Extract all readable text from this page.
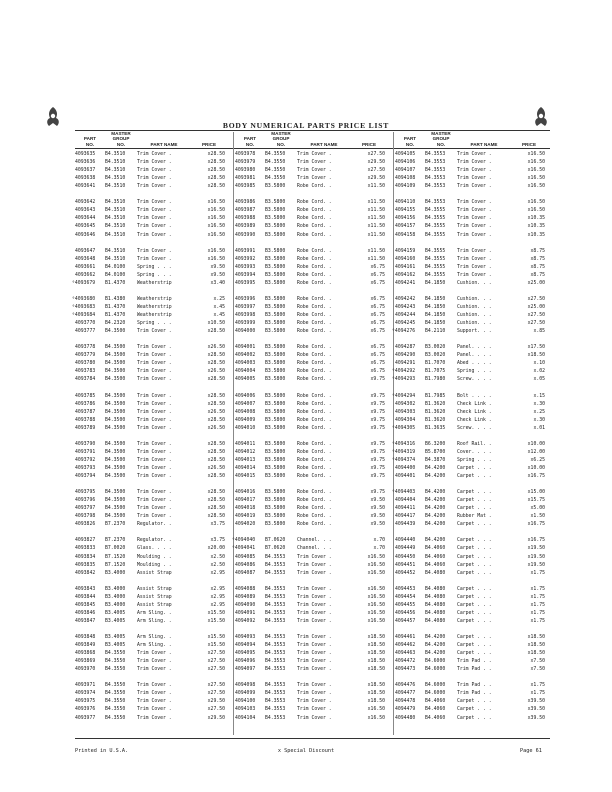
BODY NUMERICAL PARTS PRICE LIST
PART
NO.
MASTER
GROUP
NO.	PART NAME	PRICE
PART
NO.
MASTER
GROUP
NO.	PART NAME	PRICE
PART
NO.
MASTER
GROUP
NO.	PART NAME	PRICE
4093635 B4.3510 Trim Cover .	x28.50
4093636 B4.3510 Trim Cover .	x28.50
4093637 B4.3510 Trim Cover .	x28.50
4093638 B4.3510 Trim Cover .	x28.50
4093641 B4.3510 Trim Cover .	x28.50
4093642 B4.3510 Trim Cover .	x16.50
4093643 B4.3510 Trim Cover .	x16.50
4093644 B4.3510 Trim Cover .	x16.50
4093645 B4.3510 Trim Cover .	x16.50
4093646 B4.3510 Trim Cover .	x16.50
4093647 B4.3510 Trim Cover .	x16.50
4093648 B4.3510 Trim Cover .	x16.50
4093661 B4.0100 Spring . . .	x9.50
4093662 B4.0100 Spring . . .	x9.50
⁰4093679 B1.4370 Weatherstrip	x3.40
⁰4093680 B1.4380 Weatherstrip	x.25
⁰4093683 B1.4370 Weatherstrip	x.45
⁰4093684 B1.4370 Weatherstrip	x.45
4093770 B4.2320 Spring . . .	x10.50
4093777 B4.3500 Trim Cover .	x28.50
4093778 B4.3500 Trim Cover .	x26.50
4093779 B4.3500 Trim Cover .	x28.50
4093780 B4.3500 Trim Cover .	x28.50
4093783 B4.3500 Trim Cover .	x26.50
4093784 B4.3500 Trim Cover .	x28.50
4093785 B4.3500 Trim Cover .	x28.50
4093786 B4.3500 Trim Cover .	x28.50
4093787 B4.3500 Trim Cover .	x26.50
4093788 B4.3500 Trim Cover .	x28.50
4093789 B4.3500 Trim Cover .	x26.50
4093790 B4.3500 Trim Cover .	x28.50
4093791 B4.3500 Trim Cover .	x28.50
4093792 B4.3500 Trim Cover .	x28.50
4093793 B4.3500 Trim Cover .	x26.50
4093794 B4.3500 Trim Cover .	x28.50
4093795 B4.3500 Trim Cover .	x28.50
4093796 B4.3500 Trim Cover .	x28.50
4093797 B4.3500 Trim Cover .	x28.50
4093798 B4.3500 Trim Cover .	x28.50
4093826 B7.2370 Regulator. .	x3.75
4093827 B7.2370 Regulator. .	x3.75
4093833 B7.0020 Glass. . . .	x20.00
4093834 B7.1520 Moulding . .	x2.50
4093835 B7.1520 Moulding . .	x2.50
4093842 B3.4000 Assist Strap	x2.95
4093843 B3.4000 Assist Strap	x2.95
4093844 B3.4000 Assist Strap	x2.95
4093845 B3.4000 Assist Strap	x2.95
4093846 B3.4005 Arm Sling. .	x15.50
4093847 B3.4005 Arm Sling. .	x15.50
4093848 B3.4005 Arm Sling. .	x15.50
4093849 B3.4005 Arm Sling. .	x15.50
4093868 B4.3550 Trim Cover .	x27.50
4093869 B4.3550 Trim Cover .	x27.50
4093970 B4.3550 Trim Cover .	x27.50
4093971 B4.3550 Trim Cover .	x27.50
4093974 B4.3550 Trim Cover .	x27.50
4093975 B4.3550 Trim Cover .	x29.50
4093976 B4.3550 Trim Cover .	x27.50
4093977 B4.3550 Trim Cover .	x29.50
4093978 B4.3550 Trim Cover .	x27.50
4093979 B4.3550 Trim Cover .	x29.50
4093980 B4.3550 Trim Cover .	x27.50
4093981 B4.3550 Trim Cover .	x29.50
4093985 B3.5800 Robe Cord. .	x11.50
4093986 B3.5800 Robe Cord. .	x11.50
4093987 B3.5800 Robe Cord. .	x11.50
4093988 B3.5800 Robe Cord. .	x11.50
4093989 B3.5800 Robe Cord. .	x11.50
4093990 B3.5800 Robe Cord. .	x11.50
4093991 B3.5800 Robe Cord. .	x11.50
4093992 B3.5800 Robe Cord. .	x11.50
4093993 B3.5800 Robe Cord. .	x6.75
4093994 B3.5800 Robe Cord. .	x6.75
4093995 B3.5800 Robe Cord. .	x6.75
4093996 B3.5800 Robe Cord. .	x6.75
4093997 B3.5800 Robe Cord. .	x6.75
4093998 B3.5800 Robe Cord. .	x6.75
4093999 B3.5800 Robe Cord. .	x6.75
4094000 B3.5800 Robe Cord. .	x6.75
4094001 B3.5800 Robe Cord. .	x6.75
4094002 B3.5800 Robe Cord. .	x6.75
4094003 B3.5800 Robe Cord. .	x6.75
4094004 B3.5800 Robe Cord. .	x6.75
4094005 B3.5800 Robe Cord. .	x9.75
4094006 B3.5800 Robe Cord. .	x9.75
4094007 B3.5800 Robe Cord. .	x9.75
4094008 B3.5800 Robe Cord. .	x9.75
4094009 B3.5800 Robe Cord. .	x9.75
4094010 B3.5800 Robe Cord. .	x9.75
4094011 B3.5800 Robe Cord. .	x9.75
4094012 B3.5800 Robe Cord. .	x9.75
4094013 B3.5800 Robe Cord. .	x9.75
4094014 B3.5800 Robe Cord. .	x9.75
4094015 B3.5800 Robe Cord. .	x9.75
4094016 B3.5800 Robe Cord. .	x9.75
4094017 B3.5800 Robe Cord. .	x9.50
4094018 B3.5800 Robe Cord. .	x9.50
4094019 B3.5800 Robe Cord. .	x9.50
4094020 B3.5800 Robe Cord. .	x9.50
⁰4094040 B7.0620 Channel. . .	x.70
⁰4094041 B7.0620 Channel. . .	x.70
4094085 B4.3553 Trim Cover .	x16.50
4094086 B4.3553 Trim Cover .	x16.50
4094087 B4.3553 Trim Cover .	x16.50
4094088 B4.3553 Trim Cover .	x16.50
4094089 B4.3553 Trim Cover .	x16.50
4094090 B4.3553 Trim Cover .	x16.50
4094091 B4.3553 Trim Cover .	x16.50
4094092 B4.3553 Trim Cover .	x16.50
4094093 B4.3553 Trim Cover .	x18.50
4094094 B4.3553 Trim Cover .	x18.50
4094095 B4.3553 Trim Cover .	x18.50
4094096 B4.3553 Trim Cover .	x18.50
4094097 B4.3553 Trim Cover .	x18.50
4094098 B4.3553 Trim Cover .	x18.50
4094099 B4.3553 Trim Cover .	x18.50
4094100 B4.3553 Trim Cover .	x18.50
4094103 B4.3553 Trim Cover .	x16.50
4094104 B4.3553 Trim Cover .	x16.50
4094105 B4.3553 Trim Cover .	x16.50
4094106 B4.3553 Trim Cover .	x16.50
4094107 B4.3553 Trim Cover .	x16.50
4094108 B4.3553 Trim Cover .	x16.50
4094109 B4.3553 Trim Cover .	x16.50
4094110 B4.3553 Trim Cover .	x16.50
4094155 B4.3555 Trim Cover .	x16.50
4094156 B4.3555 Trim Cover .	x10.35
4094157 B4.3555 Trim Cover .	x10.35
4094158 B4.3555 Trim Cover .	x10.35
4094159 B4.3555 Trim Cover .	x8.75
4094160 B4.3555 Trim Cover .	x8.75
4094161 B4.3555 Trim Cover .	x8.75
4094162 B4.3555 Trim Cover .	x8.75
4094241 B4.1850 Cushion. . .	x25.00
4094242 B4.1850 Cushion. . .	x27.50
4094243 B4.1850 Cushion. . .	x25.00
4094244 B4.1850 Cushion. . .	x27.50
4094245 B4.1850 Cushion. . .	x27.50
⁰4094276 B4.2110 Support. . .	x.85
4094287 B3.0020 Panel. . . .	x17.50
4094290 B3.0020 Panel. . . .	x18.50
4094291 B1.7070 Abed . . . .	x.10
⁰4094292 B1.7075 Spring . . .	x.02
⁰4094293 B1.7980 Screw. . . .	x.05
⁰4094294 B1.7985 Bolt . . . .	x.15
4094302 B1.3620 Check Link .	x.30
4094303 B1.3620 Check Link .	x.25
4094304 B1.3620 Check Link .	x.30
⁰4094305 B1.3635 Screw. . . .	x.01
⁰4094316 B6.3200 Roof Rail. .	x10.00
⁰4094319 B5.8700 Cover. . . .	x12.00
⁰4094374 B4.3870 Spring . . .	x6.25
4094400 B4.4200 Carpet . . .	x10.00
4094401 B4.4200 Carpet . . .	x16.75
⁰4094403 B4.4200 Carpet . . .	x15.00
4094404 B4.4200 Carpet . . .	x15.75
4094411 B4.4200 Carpet . . .	x5.00
4094417 B4.4200 Rubber Mat .	x1.50
4094439 B4.4200 Carpet . . .	x16.75
4094440 B4.4200 Carpet . . .	x16.75
4094449 B4.4060 Carpet . . .	x19.50
4094450 B4.4060 Carpet . . .	x19.50
4094451 B4.4060 Carpet . . .	x19.50
4094452 B4.4080 Carpet . . .	x1.75
4094453 B4.4080 Carpet . . .	x1.75
4094454 B4.4080 Carpet . . .	x1.75
4094455 B4.4080 Carpet . . .	x1.75
4094456 B4.4080 Carpet . . .	x1.75
4094457 B4.4080 Carpet . . .	x1.75
4094461 B4.4200 Carpet . . .	x18.50
4094462 B4.4200 Carpet . . .	x18.50
4094463 B4.4200 Carpet . . .	x18.50
4094472 B4.6000 Trim Pad . .	x7.50
4094473 B4.6000 Trim Pad . .	x7.50
4094476 B4.6000 Trim Pad . .	x1.75
4094477 B4.6000 Trim Pad . .	x1.75
4094478 B4.4060 Carpet . . .	x39.50
4094479 B4.4060 Carpet . . .	x39.50
4094480 B4.4060 Carpet . . .	x39.50
Printed in U.S.A.	x Special Discount	Page 61
